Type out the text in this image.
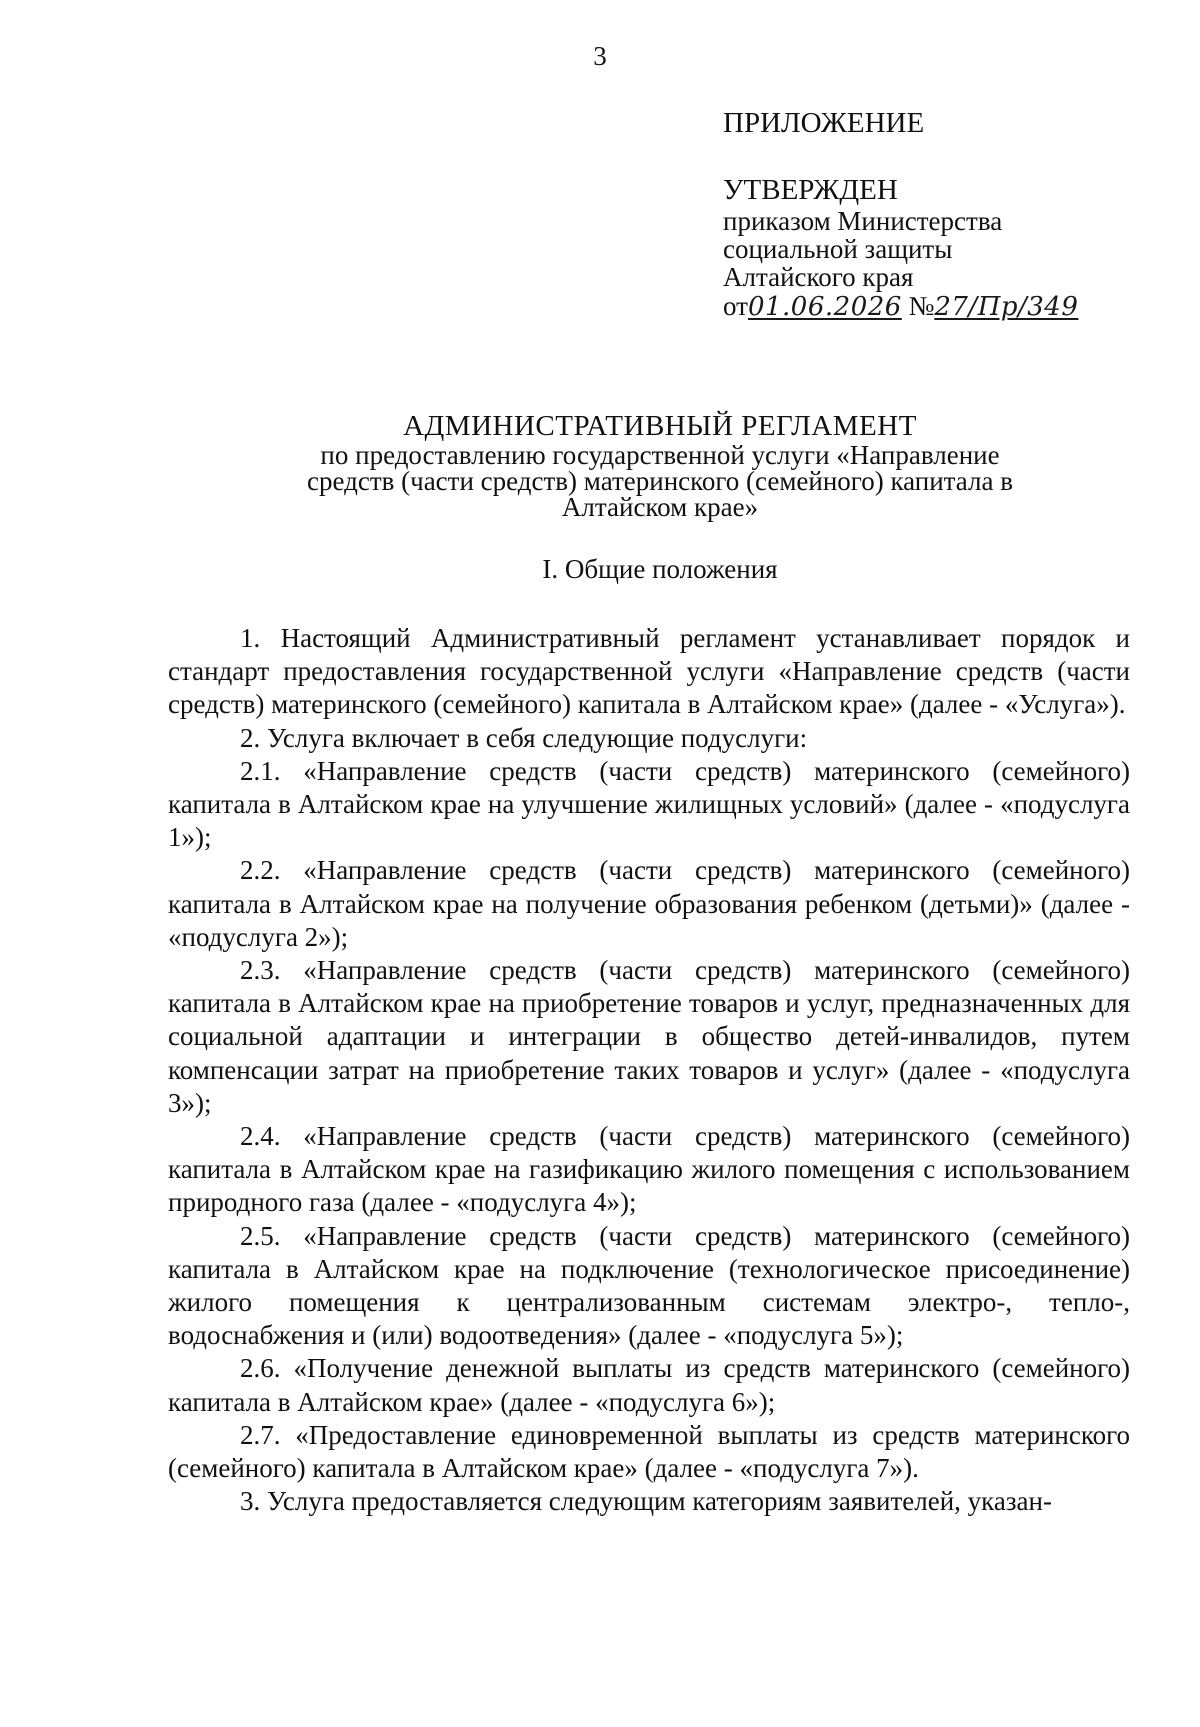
3
ПРИЛОЖЕНИЕ
УТВЕРЖДЕН
приказом Министерства
социальной защиты
Алтайского края
от01.06.2026 №27/Пр/349
АДМИНИСТРАТИВНЫЙ РЕГЛАМЕНТ
по предоставлению государственной услуги «Направление
средств (части средств) материнского (семейного) капитала в
Алтайском крае»
I. Общие положения

1. Настоящий Административный регламент устанавливает порядок и стандарт предоставления государственной услуги «Направление средств (части средств) материнского (семейного) капитала в Алтайском крае» (далее - «Услуга»).

2. Услуга включает в себя следующие подуслуги:

2.1. «Направление средств (части средств) материнского (семейного) капитала в Алтайском крае на улучшение жилищных условий» (далее - «подуслуга 1»);

2.2. «Направление средств (части средств) материнского (семейного) капитала в Алтайском крае на получение образования ребенком (детьми)» (далее - «подуслуга 2»);

2.3. «Направление средств (части средств) материнского (семейного) капитала в Алтайском крае на приобретение товаров и услуг, предназначенных для социальной адаптации и интеграции в общество детей-инвалидов, путем компенсации затрат на приобретение таких товаров и услуг» (далее - «подуслуга 3»);

2.4. «Направление средств (части средств) материнского (семейного) капитала в Алтайском крае на газификацию жилого помещения с использованием природного газа (далее - «подуслуга 4»);

2.5. «Направление средств (части средств) материнского (семейного) капитала в Алтайском крае на подключение (технологическое присоединение) жилого помещения к централизованным системам электро-, тепло-, водоснабжения и (или) водоотведения» (далее - «подуслуга 5»);

2.6. «Получение денежной выплаты из средств материнского (семейного) капитала в Алтайском крае» (далее - «подуслуга 6»);

2.7. «Предоставление единовременной выплаты из средств материнского (семейного) капитала в Алтайском крае» (далее - «подуслуга 7»).

3. Услуга предоставляется следующим категориям заявителей, указан-
